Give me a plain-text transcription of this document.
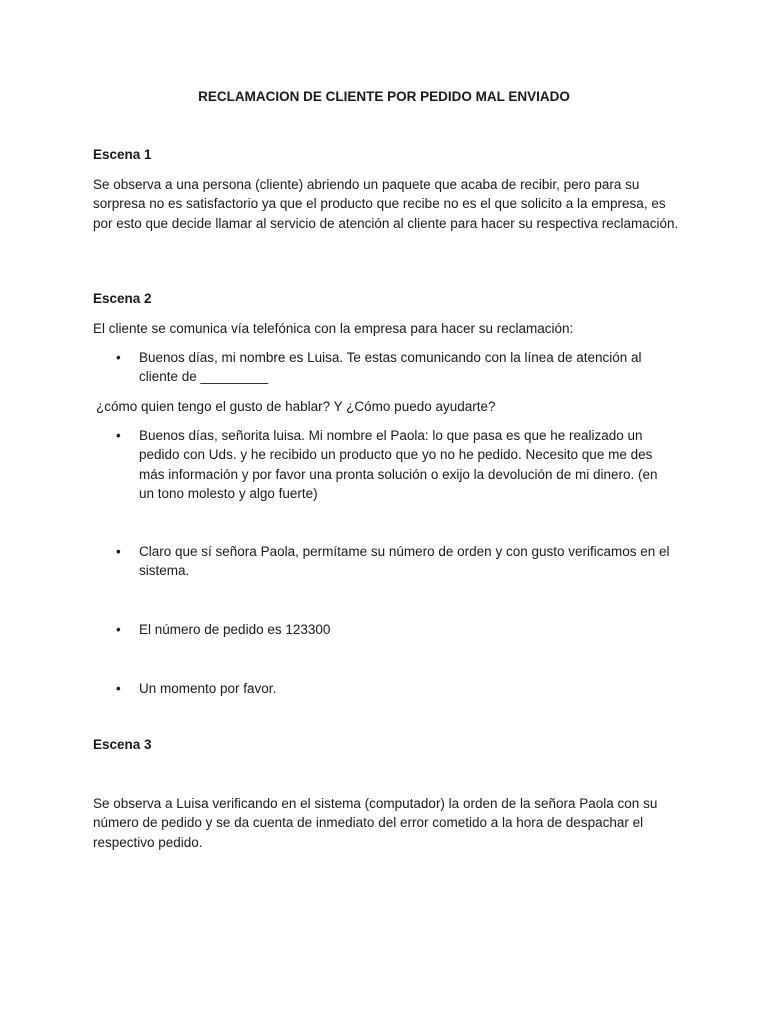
RECLAMACION DE CLIENTE POR PEDIDO MAL ENVIADO
Escena 1
Se observa a una persona (cliente) abriendo un paquete que acaba de recibir, pero para su sorpresa no es satisfactorio ya que el producto que recibe no es el que solicito a la empresa, es por esto que decide llamar al servicio de atención al cliente para hacer su respectiva reclamación.
Escena 2
El cliente se comunica vía telefónica con la empresa para hacer su reclamación:
•	Buenos días, mi nombre es Luisa. Te estas comunicando con la línea de atención al cliente de _________
¿cómo quien tengo el gusto de hablar? Y ¿Cómo puedo ayudarte?
•	Buenos días, señorita luisa. Mi nombre el Paola: lo que pasa es que he realizado un pedido con Uds. y he recibido un producto que yo no he pedido. Necesito que me des más información y por favor una pronta solución o exijo la devolución de mi dinero. (en un tono molesto y algo fuerte)
•	Claro que sí señora Paola, permítame su número de orden y con gusto verificamos en el sistema.
•	El número de pedido es 123300
•	Un momento por favor.
Escena 3
Se observa a Luisa verificando en el sistema (computador) la orden de la señora Paola con su número de pedido y se da cuenta de inmediato del error cometido a la hora de despachar el respectivo pedido.
